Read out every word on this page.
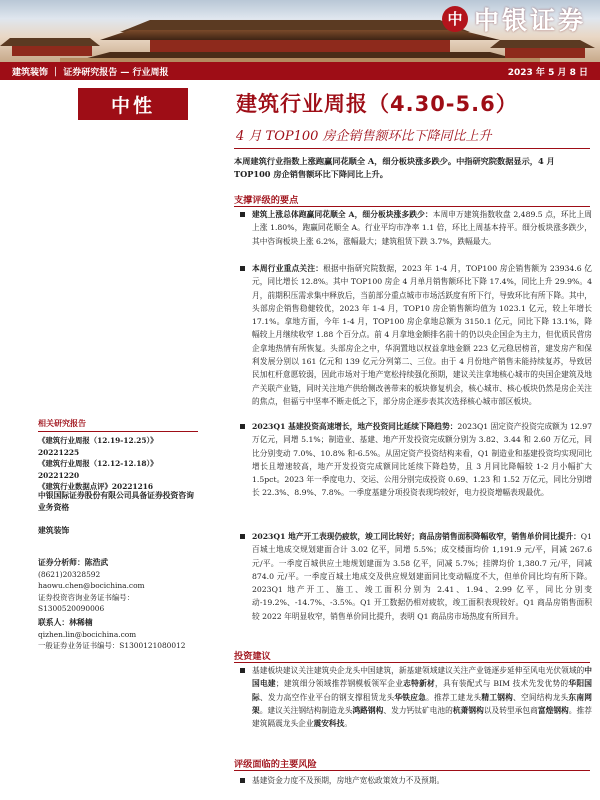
中 中银证券
建筑装饰 ｜ 证券研究报告 — 行业周报	2023 年 5 月 8 日
中性	建筑行业周报（4.30-5.6）
4 月 TOP100 房企销售额环比下降同比上升
本周建筑行业指数上涨跑赢同花顺全 A，细分板块涨多跌少。中指研究院数据显示，4 月 TOP100 房企销售额环比下降同比上升。
支撑评级的要点
建筑上涨总体跑赢同花顺全 A，细分板块涨多跌少：本周申万建筑指数收盘 2,489.5 点，环比上周上涨 1.80%，跑赢同花顺全 A。行业平均市净率 1.1 倍，环比上周基本持平。细分板块涨多跌少，其中咨询板块上涨 6.2%，涨幅最大；建筑租赁下跌 3.7%，跌幅最大。
本周行业重点关注：根据中指研究院数据，2023 年 1-4 月，TOP100 房企销售额为 23934.6 亿元，同比增长 12.8%。其中 TOP100 房企 4 月单月销售额环比下降 17.4%，同比上升 29.9%。4 月，前期积压需求集中释放后，当前部分重点城市市场活跃度有所下行，导致环比有所下降。其中，头部房企销售稳健较优，2023 年 1-4 月，TOP10 房企销售额均值为 1023.1 亿元，较上年增长 17.1%。拿地方面，今年 1-4 月，TOP100 房企拿地总额为 3150.1 亿元，同比下降 13.1%，降幅较上月继续收窄 1.88 个百分点。前 4 月拿地金额排名前十的仍以央企国企为主力，但优质民营房企拿地热情有所恢复。头部房企之中，华润置地以权益拿地金额 223 亿元稳居榜首，建发房产和保利发展分别以 161 亿元和 139 亿元分列第二、三位。由于 4 月份地产销售未能持续复苏，导致居民加杠杆意愿较弱，因此市场对于地产宽松持续强化预期，建议关注拿地核心城市的央国企建筑及地产关联产业链，同时关注地产供给侧改善带来的板块修复机会，核心城市、核心板块仍然是房企关注的焦点，但福亏中坚率不断走低之下，部分房企逐步表其次选择核心城市部区板块。
2023Q1 基建投资高速增长，地产投资同比延续下降趋势：2023Q1 固定资产投资完成额为 12.97 万亿元，同增 5.1%；制造业、基建、地产开发投资完成额分别为 3.82、3.44 和 2.60 万亿元，同比分别变动 7.0%、10.8% 和-6.5%。从固定资产投资结构来看，Q1 制造业和基建投资均实现同比增长且增速较高，地产开发投资完成额同比延续下降趋势，且 3 月同比降幅较 1-2 月小幅扩大 1.5pct。2023 年一季度电力、交运、公用分别完成投资 0.69、1.23 和 1.52 万亿元，同比分别增长 22.3%、8.9%、7.8%。一季度基建分项投资表现均较好，电力投资增幅表现最优。
2023Q1 地产开工表现仍疲软，竣工同比转好；商品房销售面积降幅收窄，销售单价同比提升：Q1 百城土地成交规划建面合计 3.02 亿平，同增 5.5%；成交楼面均价 1,191.9 元/平，同减 267.6 元/平。一季度百城供应土地规划建面为 3.58 亿平，同减 5.7%；挂牌均价 1,380.7 元/平，同减 874.0 元/平。一季度百城土地成交及供应规划建面同比变动幅度不大，但单价同比均有所下降。2023Q1 地产开工、施工、竣工面积分别为 2.41、1.94、2.99 亿平，同比分别变动-19.2%、-14.7%、-3.5%。Q1 开工数据仍相对疲软，竣工面积表现较好。Q1 商品房销售面积较 2022 年明显收窄，销售单价同比提升，表明 Q1 商品房市场热度有所回升。
投资建议
基建板块建议关注建筑央企龙头中国建筑，新基建领域建议关注产业链逐步延伸至风电光伏领域的中国电建；建筑细分领域推荐钢模板领军企业志特新材，具有装配式与 BIM 技术先发优势的华阳国际、发力高空作业平台的钢支撑租赁龙头华铁应急。推荐工建龙头精工钢构、空间结构龙头东南网架。建议关注钢结构制造龙头鸿路钢构、发力钙钛矿电池的杭萧钢构以及转型承包商富煌钢构。推荐建筑隔震龙头企业震安科技。
评级面临的主要风险
基建资金力度不及预期，房地产宽松政策效力不及预期。
相关研究报告
《建筑行业周报（12.19-12.25）》20221225
《建筑行业周报（12.12-12.18）》20221220
《建筑行业数据点评》20221216
中银国际证券股份有限公司具备证券投资咨询业务资格
建筑装饰
证券分析师：陈浩武
(8621)20328592
haowu.chen@bocichina.com
证券投资咨询业务证书编号：S1300520090006
联系人：林稀楠
qizhen.lin@bocichina.com
一般证券业务证书编号：S1300121080012
